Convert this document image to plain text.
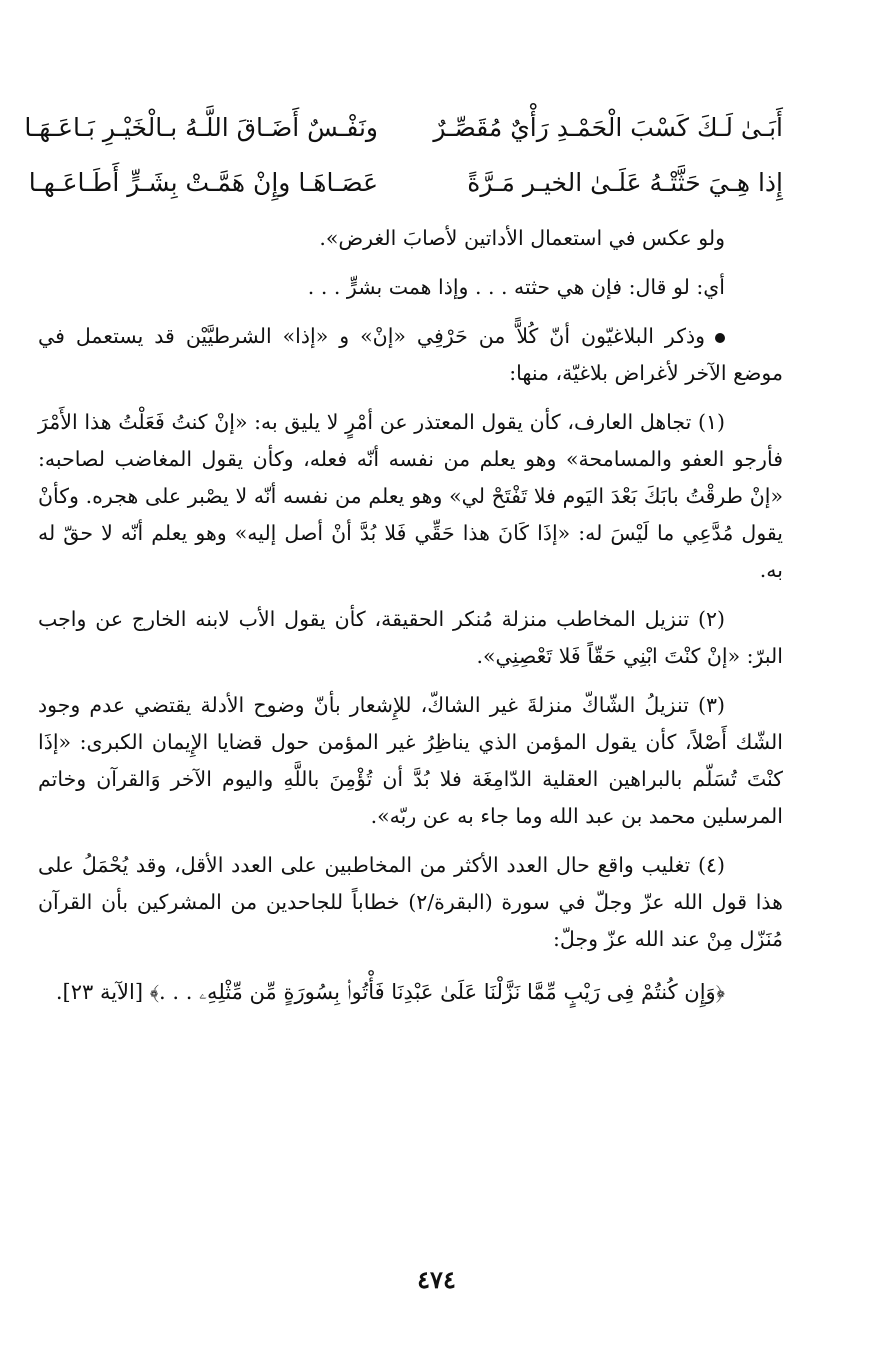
أَبَـىٰ لَـكَ كَسْبَ الْحَمْـدِ رَأْيٌ مُقَصِّـرٌ
ونَفْـسٌ أَضَـاقَ اللَّـهُ بـالْخَيْـرِ بَـاعَـهَـا
إِذا هِـيَ حَثَّتْـهُ عَلَـىٰ الخيـر مَـرَّةً
عَصَـاهَـا وإِنْ هَمَّـتْ بِشَـرٍّ أَطَـاعَـهـا

ولو عكس في استعمال الأداتين لأصابَ الغرض».

أي: لو قال: فإن هي حثته . . . وإذا همت بشرٍّ . . .

وذكر البلاغيّون أنّ كُلاًّ من حَرْفِي «إنْ» و «إذا» الشرطيَّيْن قد يستعمل في موضع الآخر لأغراض بلاغيّة، منها:

(١) تجاهل العارف، كأن يقول المعتذر عن أمْرٍ لا يليق به: «إنْ كنتُ فَعَلْتُ هذا الأَمْرَ فأرجو العفو والمسامحة» وهو يعلم من نفسه أنّه فعله، وكأن يقول المغاضب لصاحبه: «إنْ طرقْتُ بابَكَ بَعْدَ اليَوم فلا تَفْتَحْ لي» وهو يعلم من نفسه أنّه لا يصْبر على هجره. وكأنْ يقول مُدَّعِي ما لَيْسَ له: «إذَا كَانَ هذا حَقِّي فَلا بُدَّ أنْ أصل إليه» وهو يعلم أنّه لا حقّ له به.

(٢) تنزيل المخاطب منزلة مُنكر الحقيقة، كأن يقول الأب لابنه الخارج عن واجب البرّ: «إنْ كنْتَ ابْنِي حَقّاً فَلا تَعْصِنِي».

(٣) تنزيلُ الشّاكّ منزلةَ غير الشاكّ، للإِشعار بأنّ وضوح الأدلة يقتضي عدم وجود الشّك أَصْلاً، كأن يقول المؤمن الذي يناظِرُ غير المؤمن حول قضايا الإِيمان الكبرى: «إذَا كنْتَ تُسَلّم بالبراهين العقلية الدّامِغَة فلا بُدَّ أن تُؤْمِنَ باللَّهِ واليوم الآخر وَالقرآن وخاتم المرسلين محمد بن عبد الله وما جاء به عن ربّه».

(٤) تغليب واقع حال العدد الأكثر من المخاطبين على العدد الأقل، وقد يُحْمَلُ على هذا قول الله عزّ وجلّ في سورة (البقرة/٢) خطاباً للجاحدين من المشركين بأن القرآن مُنَزّل مِنْ عند الله عزّ وجلّ:

﴿وَإِن كُنتُمْ فِى رَيْبٍ مِّمَّا نَزَّلْنَا عَلَىٰ عَبْدِنَا فَأْتُوا۟ بِسُورَةٍ مِّن مِّثْلِهِۦ . . .﴾ [الآية ٢٣].

٤٧٤
